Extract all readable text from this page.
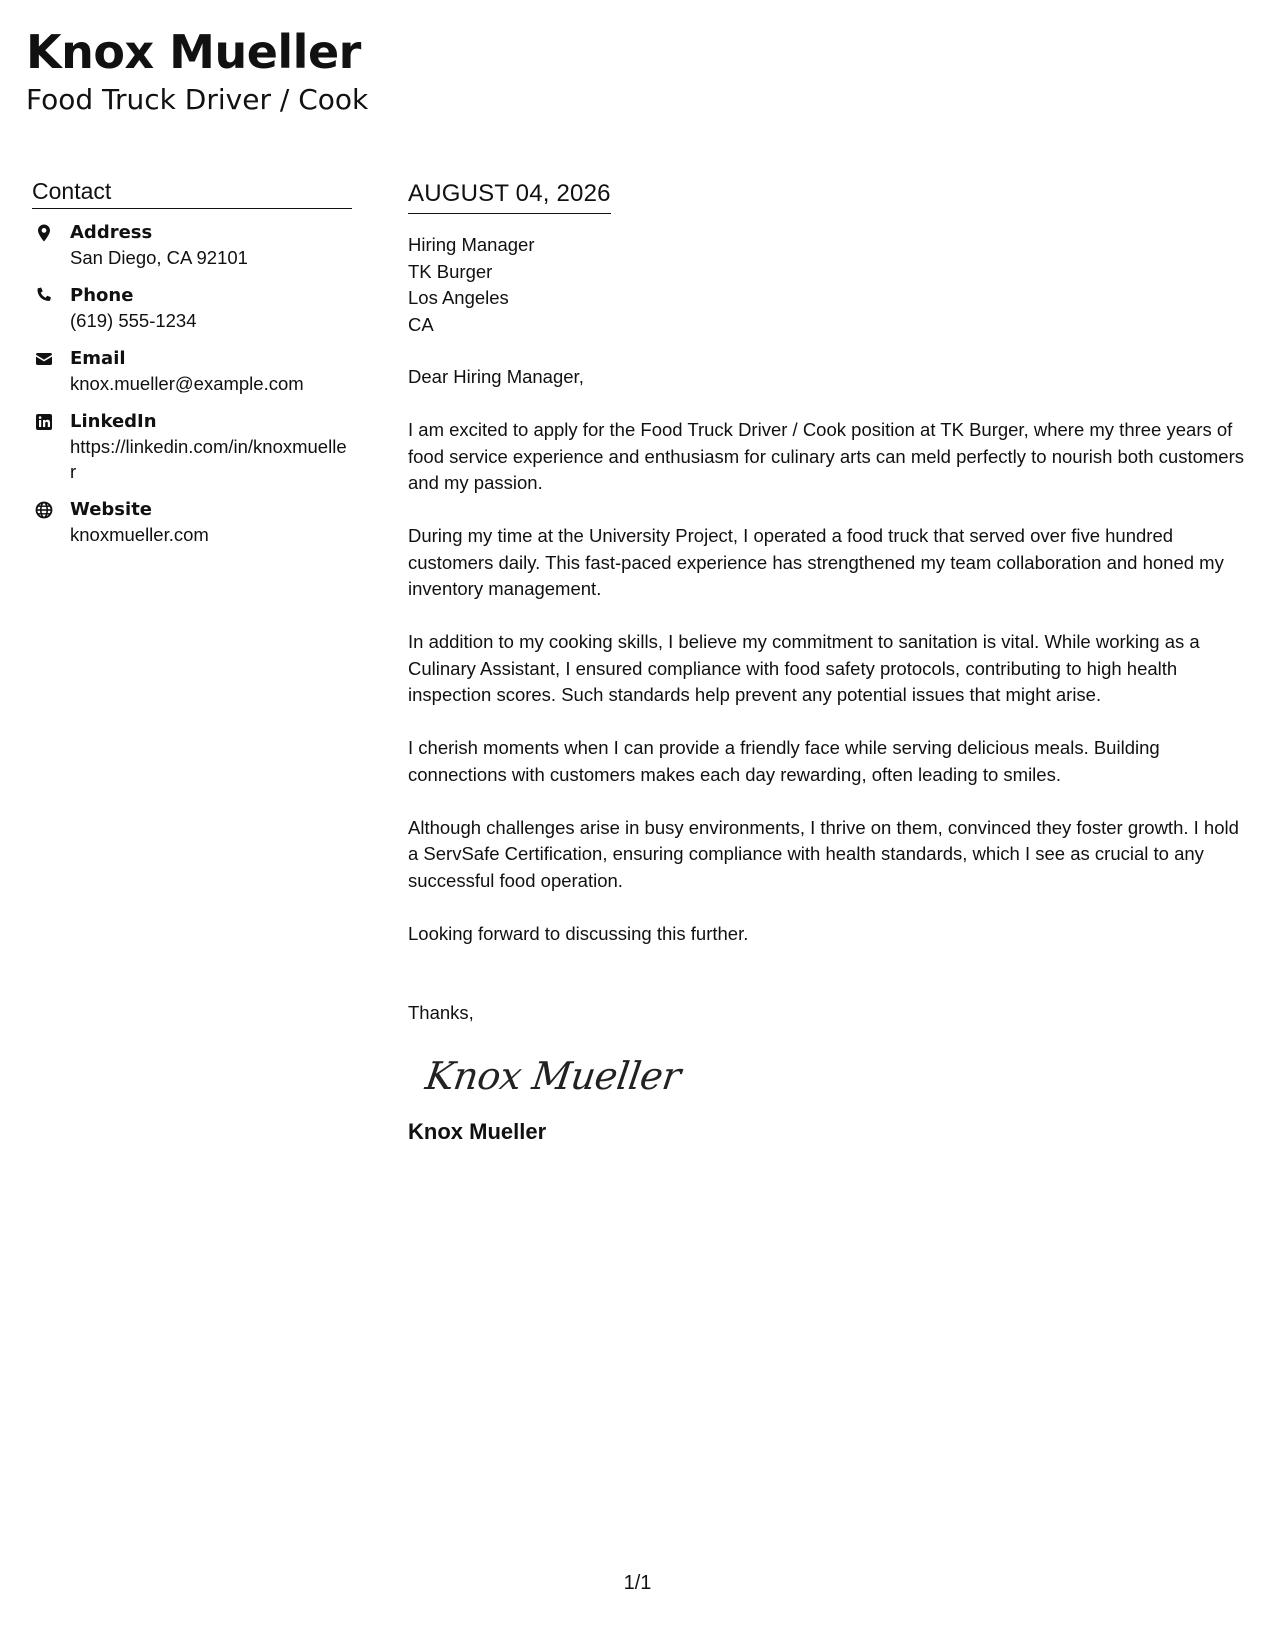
Knox Mueller
Food Truck Driver / Cook
Contact
Address
San Diego, CA 92101
Phone
(619) 555-1234
Email
knox.mueller@example.com
LinkedIn
https://linkedin.com/in/knoxmueller
Website
knoxmueller.com
AUGUST 04, 2026
Hiring Manager
TK Burger
Los Angeles
CA

Dear Hiring Manager,

I am excited to apply for the Food Truck Driver / Cook position at TK Burger, where my three years of food service experience and enthusiasm for culinary arts can meld perfectly to nourish both customers and my passion.

During my time at the University Project, I operated a food truck that served over five hundred customers daily. This fast-paced experience has strengthened my team collaboration and honed my inventory management.

In addition to my cooking skills, I believe my commitment to sanitation is vital. While working as a Culinary Assistant, I ensured compliance with food safety protocols, contributing to high health inspection scores. Such standards help prevent any potential issues that might arise.

I cherish moments when I can provide a friendly face while serving delicious meals. Building connections with customers makes each day rewarding, often leading to smiles.

Although challenges arise in busy environments, I thrive on them, convinced they foster growth. I hold a ServSafe Certification, ensuring compliance with health standards, which I see as crucial to any successful food operation.

Looking forward to discussing this further.

Thanks,

Knox Mueller
Knox Mueller
1/1
